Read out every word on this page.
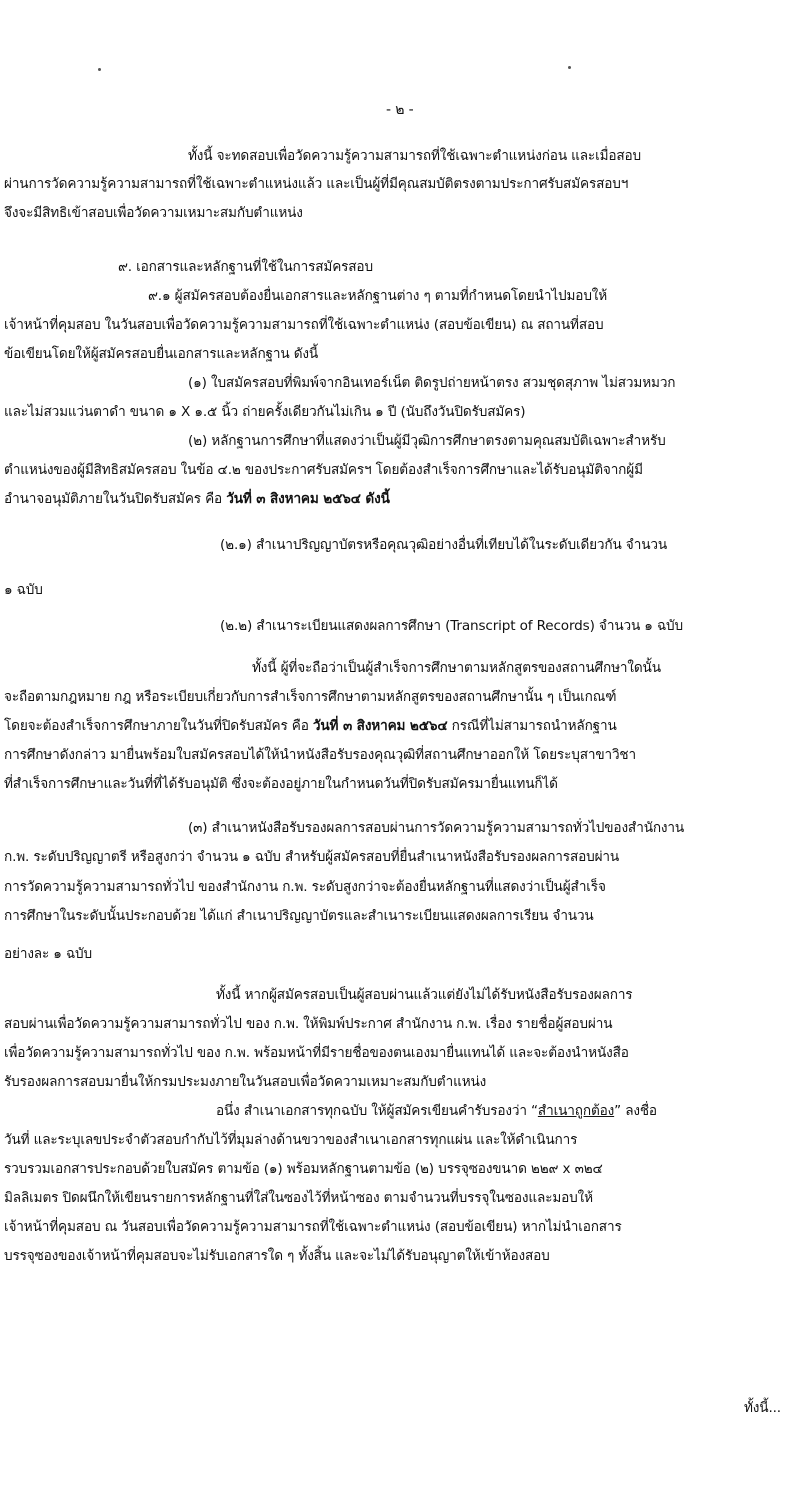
- ๒ -
ทั้งนี้ จะทดสอบเพื่อวัดความรู้ความสามารถที่ใช้เฉพาะตำแหน่งก่อน และเมื่อสอบ
ผ่านการวัดความรู้ความสามารถที่ใช้เฉพาะตำแหน่งแล้ว และเป็นผู้ที่มีคุณสมบัติตรงตามประกาศรับสมัครสอบฯ
จึงจะมีสิทธิเข้าสอบเพื่อวัดความเหมาะสมกับตำแหน่ง
๙. เอกสารและหลักฐานที่ใช้ในการสมัครสอบ
๙.๑ ผู้สมัครสอบต้องยื่นเอกสารและหลักฐานต่าง ๆ ตามที่กำหนดโดยนำไปมอบให้
เจ้าหน้าที่คุมสอบ ในวันสอบเพื่อวัดความรู้ความสามารถที่ใช้เฉพาะตำแหน่ง (สอบข้อเขียน) ณ สถานที่สอบ
ข้อเขียนโดยให้ผู้สมัครสอบยื่นเอกสารและหลักฐาน ดังนี้
(๑) ใบสมัครสอบที่พิมพ์จากอินเทอร์เน็ต ติดรูปถ่ายหน้าตรง สวมชุดสุภาพ ไม่สวมหมวก
และไม่สวมแว่นตาดำ ขนาด ๑ X ๑.๕ นิ้ว ถ่ายครั้งเดียวกันไม่เกิน ๑ ปี (นับถึงวันปิดรับสมัคร)
(๒) หลักฐานการศึกษาที่แสดงว่าเป็นผู้มีวุฒิการศึกษาตรงตามคุณสมบัติเฉพาะสำหรับ
ตำแหน่งของผู้มีสิทธิสมัครสอบ ในข้อ ๔.๒ ของประกาศรับสมัครฯ โดยต้องสำเร็จการศึกษาและได้รับอนุมัติจากผู้มี
อำนาจอนุมัติภายในวันปิดรับสมัคร คือ วันที่ ๓ สิงหาคม ๒๕๖๔ ดังนี้
(๒.๑) สำเนาปริญญาบัตรหรือคุณวุฒิอย่างอื่นที่เทียบได้ในระดับเดียวกัน จำนวน
๑ ฉบับ
(๒.๒) สำเนาระเบียนแสดงผลการศึกษา (Transcript of Records) จำนวน ๑ ฉบับ
ทั้งนี้ ผู้ที่จะถือว่าเป็นผู้สำเร็จการศึกษาตามหลักสูตรของสถานศึกษาใดนั้น
จะถือตามกฎหมาย กฎ หรือระเบียบเกี่ยวกับการสำเร็จการศึกษาตามหลักสูตรของสถานศึกษานั้น ๆ เป็นเกณฑ์
โดยจะต้องสำเร็จการศึกษาภายในวันที่ปิดรับสมัคร คือ วันที่ ๓ สิงหาคม ๒๕๖๔ กรณีที่ไม่สามารถนำหลักฐาน
การศึกษาดังกล่าว มายื่นพร้อมใบสมัครสอบได้ให้นำหนังสือรับรองคุณวุฒิที่สถานศึกษาออกให้ โดยระบุสาขาวิชา
ที่สำเร็จการศึกษาและวันที่ที่ได้รับอนุมัติ ซึ่งจะต้องอยู่ภายในกำหนดวันที่ปิดรับสมัครมายื่นแทนก็ได้
(๓) สำเนาหนังสือรับรองผลการสอบผ่านการวัดความรู้ความสามารถทั่วไปของสำนักงาน
ก.พ. ระดับปริญญาตรี หรือสูงกว่า จำนวน ๑ ฉบับ สำหรับผู้สมัครสอบที่ยื่นสำเนาหนังสือรับรองผลการสอบผ่าน
การวัดความรู้ความสามารถทั่วไป ของสำนักงาน ก.พ. ระดับสูงกว่าจะต้องยื่นหลักฐานที่แสดงว่าเป็นผู้สำเร็จ
การศึกษาในระดับนั้นประกอบด้วย ได้แก่ สำเนาปริญญาบัตรและสำเนาระเบียนแสดงผลการเรียน จำนวน
อย่างละ ๑ ฉบับ
ทั้งนี้ หากผู้สมัครสอบเป็นผู้สอบผ่านแล้วแต่ยังไม่ได้รับหนังสือรับรองผลการ
สอบผ่านเพื่อวัดความรู้ความสามารถทั่วไป ของ ก.พ. ให้พิมพ์ประกาศ สำนักงาน ก.พ. เรื่อง รายชื่อผู้สอบผ่าน
เพื่อวัดความรู้ความสามารถทั่วไป ของ ก.พ. พร้อมหน้าที่มีรายชื่อของตนเองมายื่นแทนได้ และจะต้องนำหนังสือ
รับรองผลการสอบมายื่นให้กรมประมงภายในวันสอบเพื่อวัดความเหมาะสมกับตำแหน่ง
อนึ่ง สำเนาเอกสารทุกฉบับ ให้ผู้สมัครเขียนคำรับรองว่า “สำเนาถูกต้อง” ลงชื่อ
วันที่ และระบุเลขประจำตัวสอบกำกับไว้ที่มุมล่างด้านขวาของสำเนาเอกสารทุกแผ่น และให้ดำเนินการ
รวบรวมเอกสารประกอบด้วยใบสมัคร ตามข้อ (๑) พร้อมหลักฐานตามข้อ (๒) บรรจุซองขนาด ๒๒๙ x ๓๒๔
มิลลิเมตร ปิดผนึกให้เขียนรายการหลักฐานที่ใส่ในซองไว้ที่หน้าซอง ตามจำนวนที่บรรจุในซองและมอบให้
เจ้าหน้าที่คุมสอบ ณ วันสอบเพื่อวัดความรู้ความสามารถที่ใช้เฉพาะตำแหน่ง (สอบข้อเขียน) หากไม่นำเอกสาร
บรรจุซองของเจ้าหน้าที่คุมสอบจะไม่รับเอกสารใด ๆ ทั้งสิ้น และจะไม่ได้รับอนุญาตให้เข้าห้องสอบ
ทั้งนี้...
